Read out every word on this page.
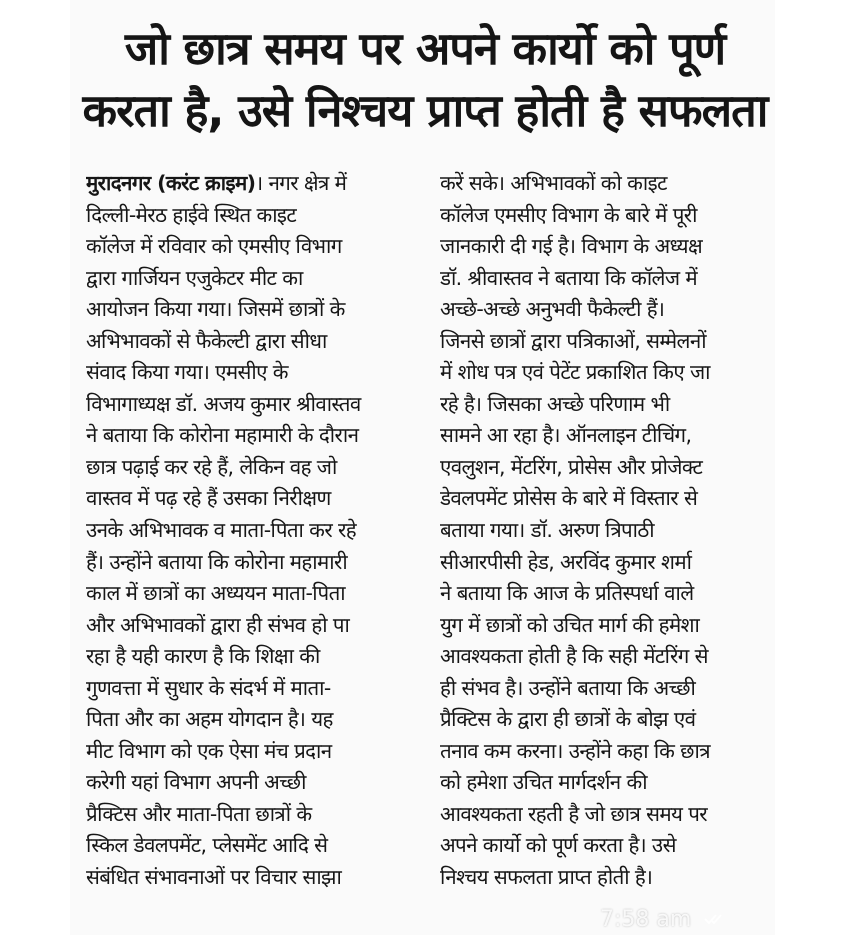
जो छात्र समय पर अपने कार्यो को पूर्ण
करता है, उसे निश्चय प्राप्त होती है सफलता
मुरादनगर (करंट क्राइम)। नगर क्षेत्र में
दिल्ली-मेरठ हाईवे स्थित काइट
कॉलेज में रविवार को एमसीए विभाग
द्वारा गार्जियन एजुकेटर मीट का
आयोजन किया गया। जिसमें छात्रों के
अभिभावकों से फैकेल्टी द्वारा सीधा
संवाद किया गया। एमसीए के
विभागाध्यक्ष डॉ. अजय कुमार श्रीवास्तव
ने बताया कि कोरोना महामारी के दौरान
छात्र पढ़ाई कर रहे हैं, लेकिन वह जो
वास्तव में पढ़ रहे हैं उसका निरीक्षण
उनके अभिभावक व माता-पिता कर रहे
हैं। उन्होंने बताया कि कोरोना महामारी
काल में छात्रों का अध्ययन माता-पिता
और अभिभावकों द्वारा ही संभव हो पा
रहा है यही कारण है कि शिक्षा की
गुणवत्ता में सुधार के संदर्भ में माता-
पिता और का अहम योगदान है। यह
मीट विभाग को एक ऐसा मंच प्रदान
करेगी यहां विभाग अपनी अच्छी
प्रैक्टिस और माता-पिता छात्रों के
स्किल डेवलपमेंट, प्लेसमेंट आदि से
संबंधित संभावनाओं पर विचार साझा
करें सके। अभिभावकों को काइट
कॉलेज एमसीए विभाग के बारे में पूरी
जानकारी दी गई है। विभाग के अध्यक्ष
डॉ. श्रीवास्तव ने बताया कि कॉलेज में
अच्छे-अच्छे अनुभवी फैकेल्टी हैं।
जिनसे छात्रों द्वारा पत्रिकाओं, सम्मेलनों
में शोध पत्र एवं पेटेंट प्रकाशित किए जा
रहे है। जिसका अच्छे परिणाम भी
सामने आ रहा है। ऑनलाइन टीचिंग,
एवलुशन, मेंटरिंग, प्रोसेस और प्रोजेक्ट
डेवलपमेंट प्रोसेस के बारे में विस्तार से
बताया गया। डॉ. अरुण त्रिपाठी
सीआरपीसी हेड, अरविंद कुमार शर्मा
ने बताया कि आज के प्रतिस्पर्धा वाले
युग में छात्रों को उचित मार्ग की हमेशा
आवश्यकता होती है कि सही मेंटरिंग से
ही संभव है। उन्होंने बताया कि अच्छी
प्रैक्टिस के द्वारा ही छात्रों के बोझ एवं
तनाव कम करना। उन्होंने कहा कि छात्र
को हमेशा उचित मार्गदर्शन की
आवश्यकता रहती है जो छात्र समय पर
अपने कार्यो को पूर्ण करता है। उसे
निश्चय सफलता प्राप्त होती है।
7:58 am
